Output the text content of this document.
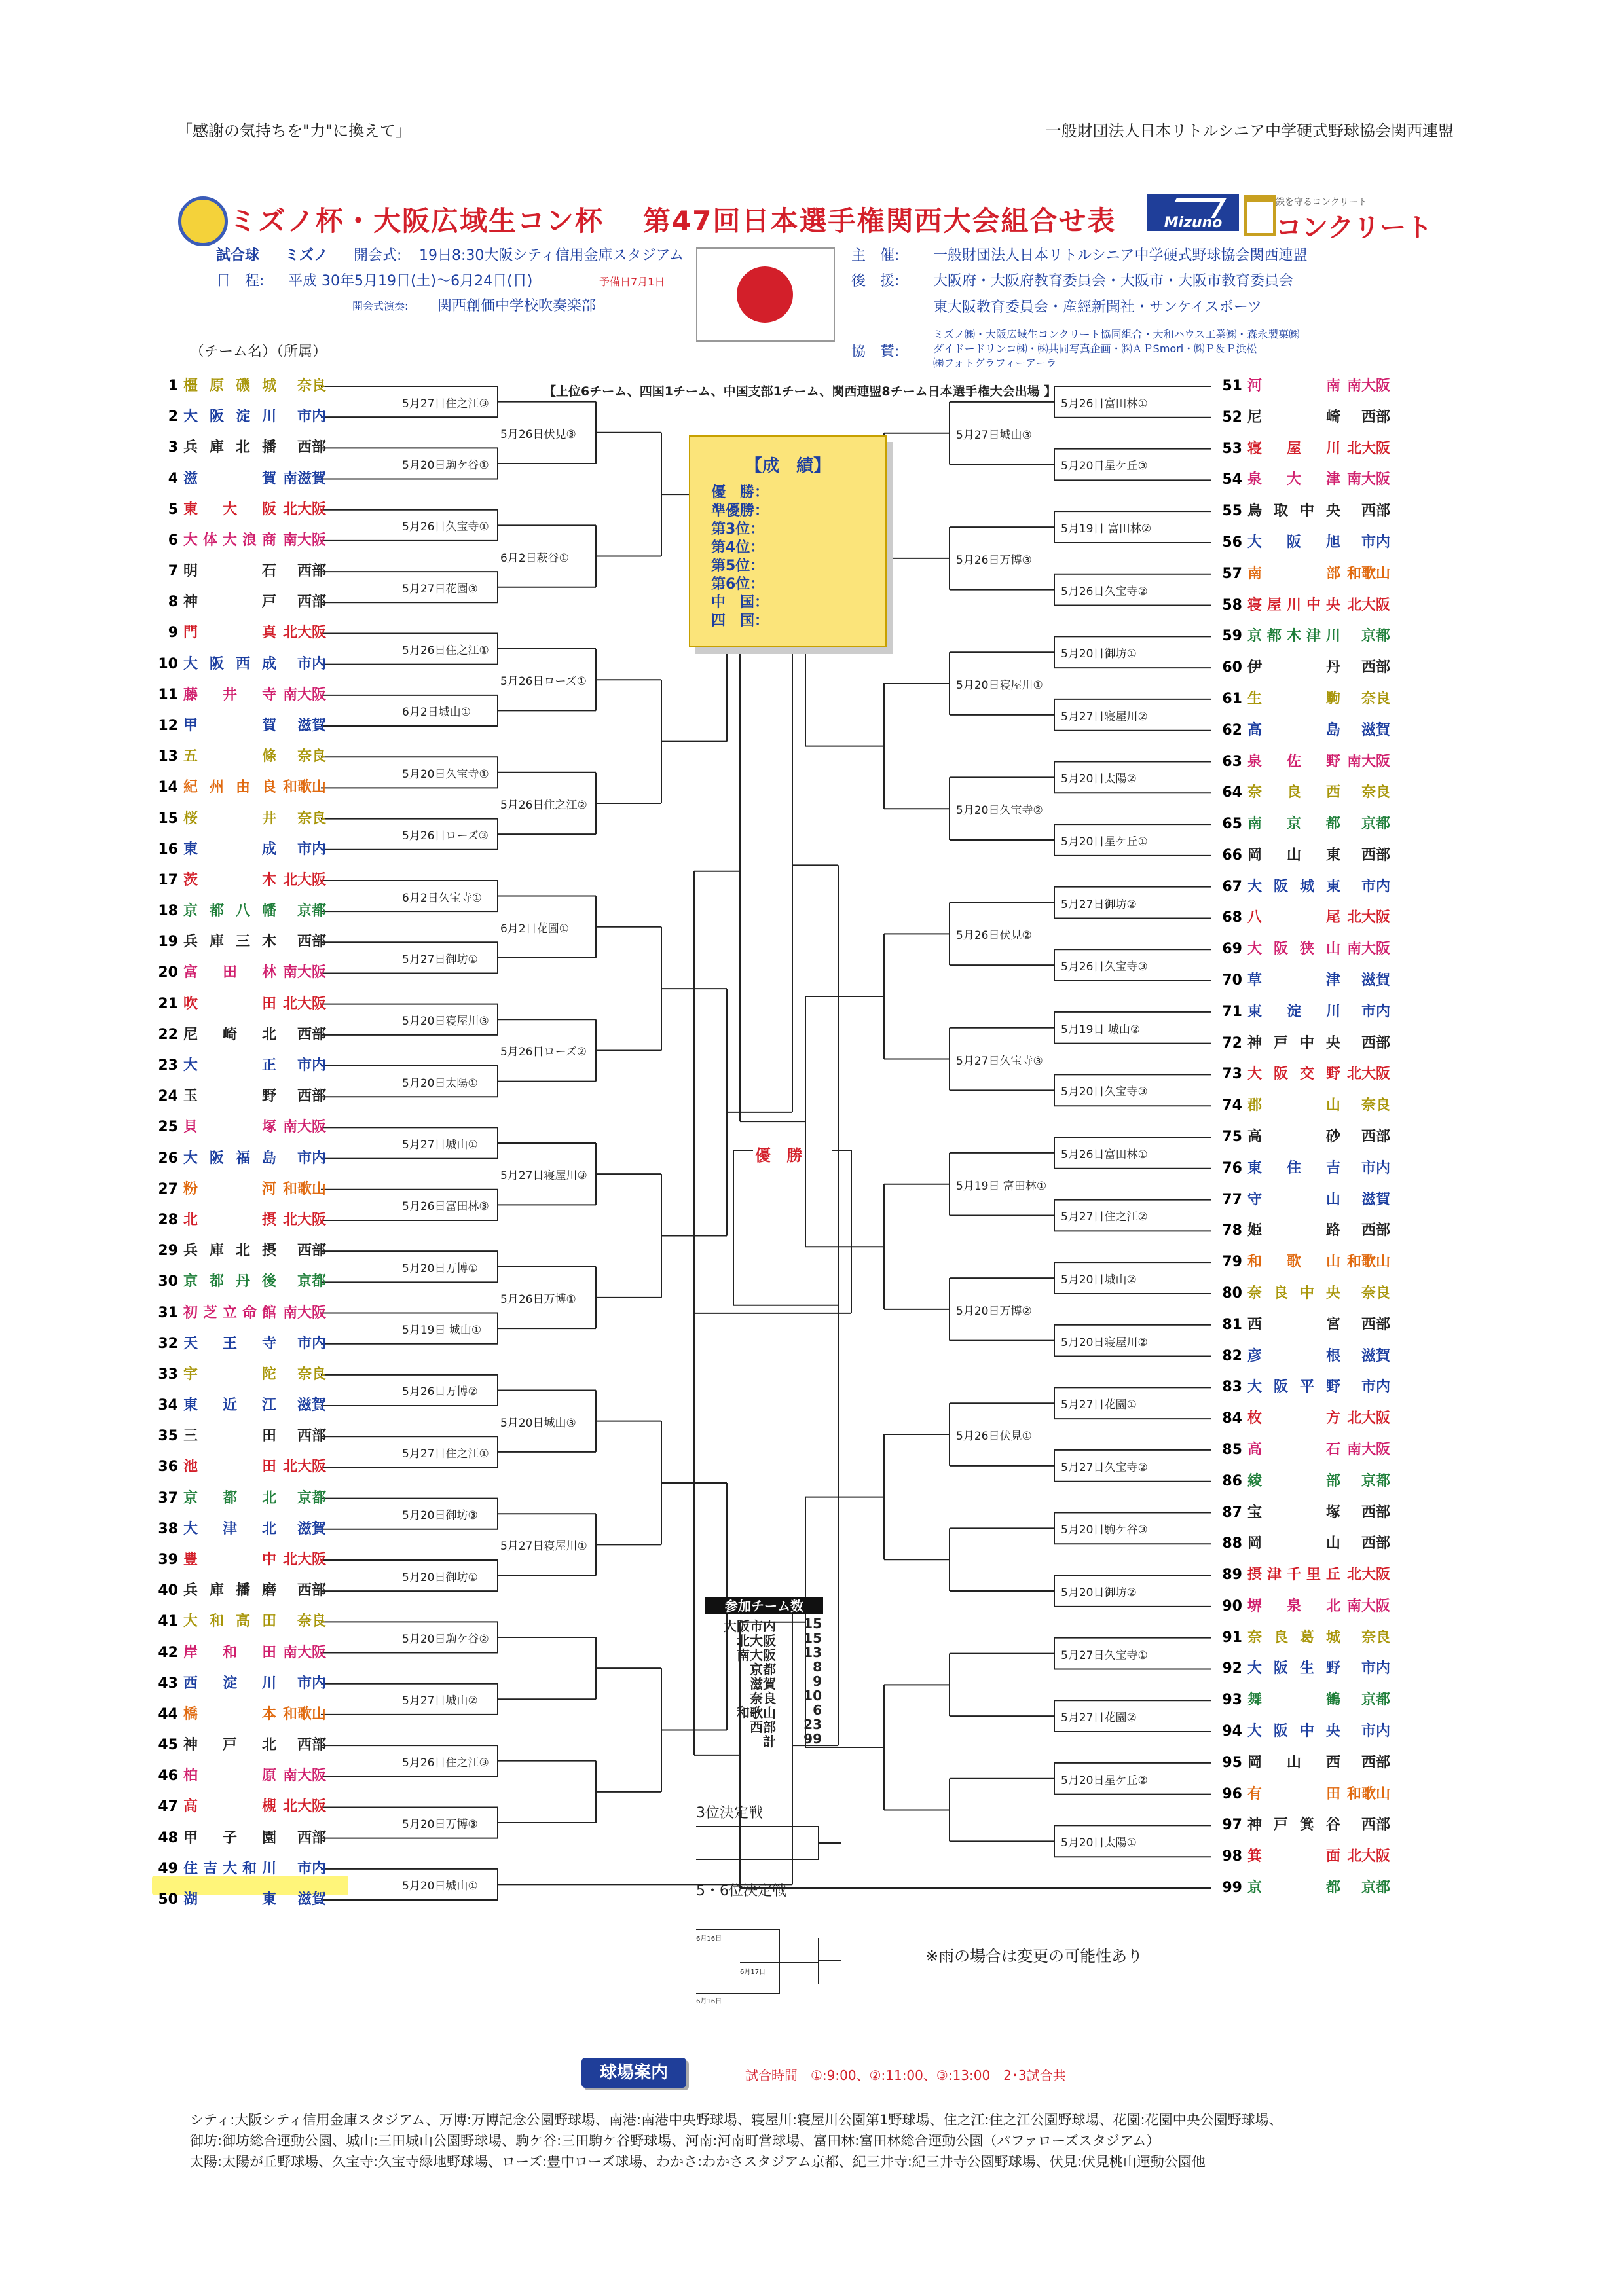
「感謝の気持ちを"力"に換えて」	一般財団法人日本リトルシニア中学硬式野球協会関西連盟
ミズノ杯・大阪広域生コン杯 第47回日本選手権関西大会組合せ表	Mizuno
鉄を守るコンクリート
コンクリート
試合球 ミズノ 開会式: 19日8:30大阪シティ信用金庫スタジアム
日　程: 平成 30年5月19日(土)～6月24日(日)	予備日7月1日
開会式演奏: 関西創価中学校吹奏楽部
主　催: 一般財団法人日本リトルシニア中学硬式野球協会関西連盟
後　援: 大阪府・大阪府教育委員会・大阪市・大阪市教育委員会
東大阪教育委員会・産經新聞社・サンケイスポーツ
協　賛:
ミズノ㈱・大阪広域生コンクリート協同組合・大和ハウス工業㈱・森永製菓㈱
ダイドードリンコ㈱・㈱共同写真企画・㈱ＡＰSmori・㈱Ｐ＆Ｐ浜松
㈱フォトグラフィーアーラ
（チーム名）（所属）
【上位6チーム、四国1チーム、中国支部1チーム、関西連盟8チーム日本選手権大会出場 】
1 橿原磯城 奈良
2 大阪淀川 市内
3 兵庫北播 西部
4 滋賀 南滋賀
5 東大阪 北大阪
6 大体大浪商 南大阪
7 明石 西部
8 神戸 西部
9 門真 北大阪
10 大阪西成 市内
11 藤井寺 南大阪
12 甲賀 滋賀
13 五條 奈良
14 紀州由良 和歌山
15 桜井 奈良
16 東成 市内
17 茨木 北大阪
18 京都八幡 京都
19 兵庫三木 西部
20 富田林 南大阪
21 吹田 北大阪
22 尼崎北 西部
23 大正 市内
24 玉野 西部
25 貝塚 南大阪
26 大阪福島 市内
27 粉河 和歌山
28 北摂 北大阪
29 兵庫北摂 西部
30 京都丹後 京都
31 初芝立命館 南大阪
32 天王寺 市内
33 宇陀 奈良
34 東近江 滋賀
35 三田 西部
36 池田 北大阪
37 京都北 京都
38 大津北 滋賀
39 豊中 北大阪
40 兵庫播磨 西部
41 大和高田 奈良
42 岸和田 南大阪
43 西淀川 市内
44 橋本 和歌山
45 神戸北 西部
46 柏原 南大阪
47 高槻 北大阪
48 甲子園 西部
49 住吉大和川 市内
50 湖東 滋賀
51 河南 南大阪
52 尼崎 西部
53 寝屋川 北大阪
54 泉大津 南大阪
55 鳥取中央 西部
56 大阪旭 市内
57 南部 和歌山
58 寝屋川中央 北大阪
59 京都木津川 京都
60 伊丹 西部
61 生駒 奈良
62 高島 滋賀
63 泉佐野 南大阪
64 奈良西 奈良
65 南京都 京都
66 岡山東 西部
67 大阪城東 市内
68 八尾 北大阪
69 大阪狭山 南大阪
70 草津 滋賀
71 東淀川 市内
72 神戸中央 西部
73 大阪交野 北大阪
74 郡山 奈良
75 高砂 西部
76 東住吉 市内
77 守山 滋賀
78 姫路 西部
79 和歌山 和歌山
80 奈良中央 奈良
81 西宮 西部
82 彦根 滋賀
83 大阪平野 市内
84 枚方 北大阪
85 高石 南大阪
86 綾部 京都
87 宝塚 西部
88 岡山 西部
89 摂津千里丘 北大阪
90 堺泉北 南大阪
91 奈良葛城 奈良
92 大阪生野 市内
93 舞鶴 京都
94 大阪中央 市内
95 岡山西 西部
96 有田 和歌山
97 神戸箕谷 西部
98 箕面 北大阪
99 京都 京都
5月27日住之江③
5月20日駒ケ谷①
5月26日久宝寺①
5月27日花園③
5月26日住之江①
6月2日城山①
5月20日久宝寺①
5月26日ローズ③
6月2日久宝寺①
5月27日御坊①
5月20日寝屋川③
5月20日太陽①
5月27日城山①
5月26日富田林③
5月20日万博①
5月19日 城山①
5月26日万博②
5月27日住之江①
5月20日御坊③
5月20日御坊①
5月20日駒ケ谷②
5月27日城山②
5月26日住之江③
5月20日万博③
5月20日城山①
5月26日伏見③
6月2日萩谷①
5月26日ローズ①
5月26日住之江②
6月2日花園①
5月26日ローズ②
5月27日寝屋川③
5月26日万博①
5月20日城山③
5月27日寝屋川①
5月26日富田林①
5月20日星ケ丘③
5月19日 富田林②
5月26日久宝寺②
5月20日御坊①
5月27日寝屋川②
5月20日太陽②
5月20日星ケ丘①
5月27日御坊②
5月26日久宝寺③
5月19日 城山②
5月20日久宝寺③
5月26日富田林①
5月27日住之江②
5月20日城山②
5月20日寝屋川②
5月27日花園①
5月27日久宝寺②
5月20日駒ケ谷③
5月20日御坊②
5月27日久宝寺①
5月27日花園②
5月20日星ケ丘②
5月20日太陽①
5月27日城山③
5月26日万博③
5月20日寝屋川①
5月20日久宝寺②
5月26日伏見②
5月27日久宝寺③
5月19日 富田林①
5月20日万博②
5月26日伏見①
【成　績】
優　勝：
準優勝：
第3位：
第4位：
第5位：
第6位：
中　国：
四　国：
優 勝
参加チーム数
大阪市内	15
北大阪	15
南大阪	13
京都	8
滋賀	9
奈良	10
和歌山	6
西部	23
計	99
3位決定戦
5・6位決定戦
6月16日
6月17日
6月16日
※雨の場合は変更の可能性あり
球場案内	試合時間　①:9:00、②:11:00、③:13:00　2･3試合共
シティ:大阪シティ信用金庫スタジアム、万博:万博記念公園野球場、南港:南港中央野球場、寝屋川:寝屋川公園第1野球場、住之江:住之江公園野球場、花園:花園中央公園野球場、
御坊:御坊総合運動公園、城山:三田城山公園野球場、駒ケ谷:三田駒ケ谷野球場、河南:河南町営球場、富田林:富田林総合運動公園（パファローズスタジアム）
太陽:太陽が丘野球場、久宝寺:久宝寺緑地野球場、ローズ:豊中ローズ球場、わかさ:わかさスタジアム京都、紀三井寺:紀三井寺公園野球場、伏見:伏見桃山運動公園他
